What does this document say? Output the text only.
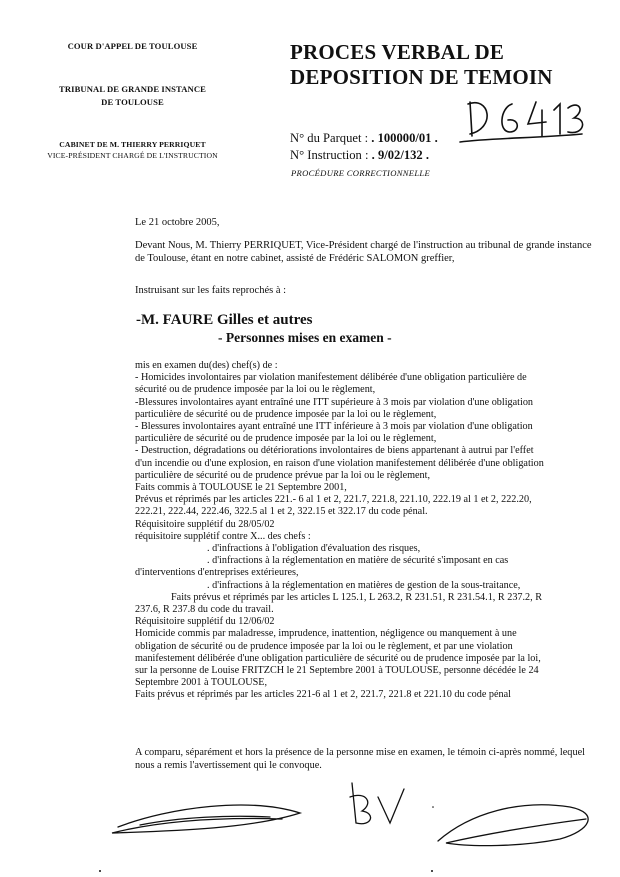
COUR D'APPEL DE TOULOUSE
TRIBUNAL DE GRANDE INSTANCE
DE TOULOUSE
CABINET DE M. THIERRY PERRIQUET
VICE-PRÉSIDENT CHARGÉ DE L'INSTRUCTION
PROCES VERBAL DE
DEPOSITION DE TEMOIN
N° du Parquet : . 100000/01 .
N° Instruction : . 9/02/132 .
PROCÉDURE CORRECTIONNELLE
Le 21 octobre 2005,
Devant Nous, M. Thierry PERRIQUET, Vice-Président chargé de l'instruction au tribunal de grande instance de Toulouse, étant en notre cabinet, assisté de Frédéric SALOMON greffier,
Instruisant sur les faits reprochés à :
-M. FAURE Gilles et autres
- Personnes mises en examen -
mis en examen du(des) chef(s) de :
- Homicides involontaires par violation manifestement délibérée d'une obligation particulière de
sécurité ou de prudence imposée par la loi ou le règlement,
-Blessures involontaires ayant entraîné une ITT supérieure à 3 mois par violation d'une obligation
particulière de sécurité ou de prudence imposée par la loi ou le règlement,
- Blessures involontaires ayant entraîné une ITT inférieure à 3 mois par violation d'une obligation
particulière de sécurité ou de prudence imposée par la loi ou le règlement,
- Destruction, dégradations ou détériorations involontaires de biens appartenant à autrui par l'effet
d'un incendie ou d'une explosion, en raison d'une violation manifestement délibérée d'une obligation
particulière de sécurité ou de prudence prévue par la loi ou le règlement,
Faits commis à TOULOUSE le 21 Septembre 2001,
Prévus et réprimés par les articles 221.- 6 al 1 et 2, 221.7, 221.8, 221.10, 222.19 al 1 et 2, 222.20,
222.21, 222.44, 222.46, 322.5 al 1 et 2, 322.15 et 322.17 du code pénal.
Réquisitoire supplétif du 28/05/02
réquisitoire supplétif contre X... des chefs :
. d'infractions à l'obligation d'évaluation des risques,
. d'infractions à la réglementation en matière de sécurité s'imposant en cas
d'interventions d'entreprises extérieures,
. d'infractions à la réglementation en matières de gestion de la sous-traitance,
Faits prévus et réprimés par les articles L 125.1, L 263.2, R 231.51, R 231.54.1, R 237.2, R
237.6, R 237.8 du code du travail.
Réquisitoire supplétif du 12/06/02
Homicide commis par maladresse, imprudence, inattention, négligence ou manquement à une
obligation de sécurité ou de prudence imposée par la loi ou le règlement, et par une violation
manifestement délibérée d'une obligation particulière de sécurité ou de prudence imposée par la loi,
sur la personne de Louise FRITZCH le 21 Septembre 2001 à TOULOUSE, personne décédée le 24
Septembre 2001 à TOULOUSE,
Faits prévus et réprimés par les articles 221-6 al 1 et 2, 221.7, 221.8 et 221.10 du code pénal
A comparu, séparément et hors la présence de la personne mise en examen, le témoin ci-après nommé, lequel nous a remis l'avertissement qui le convoque.
